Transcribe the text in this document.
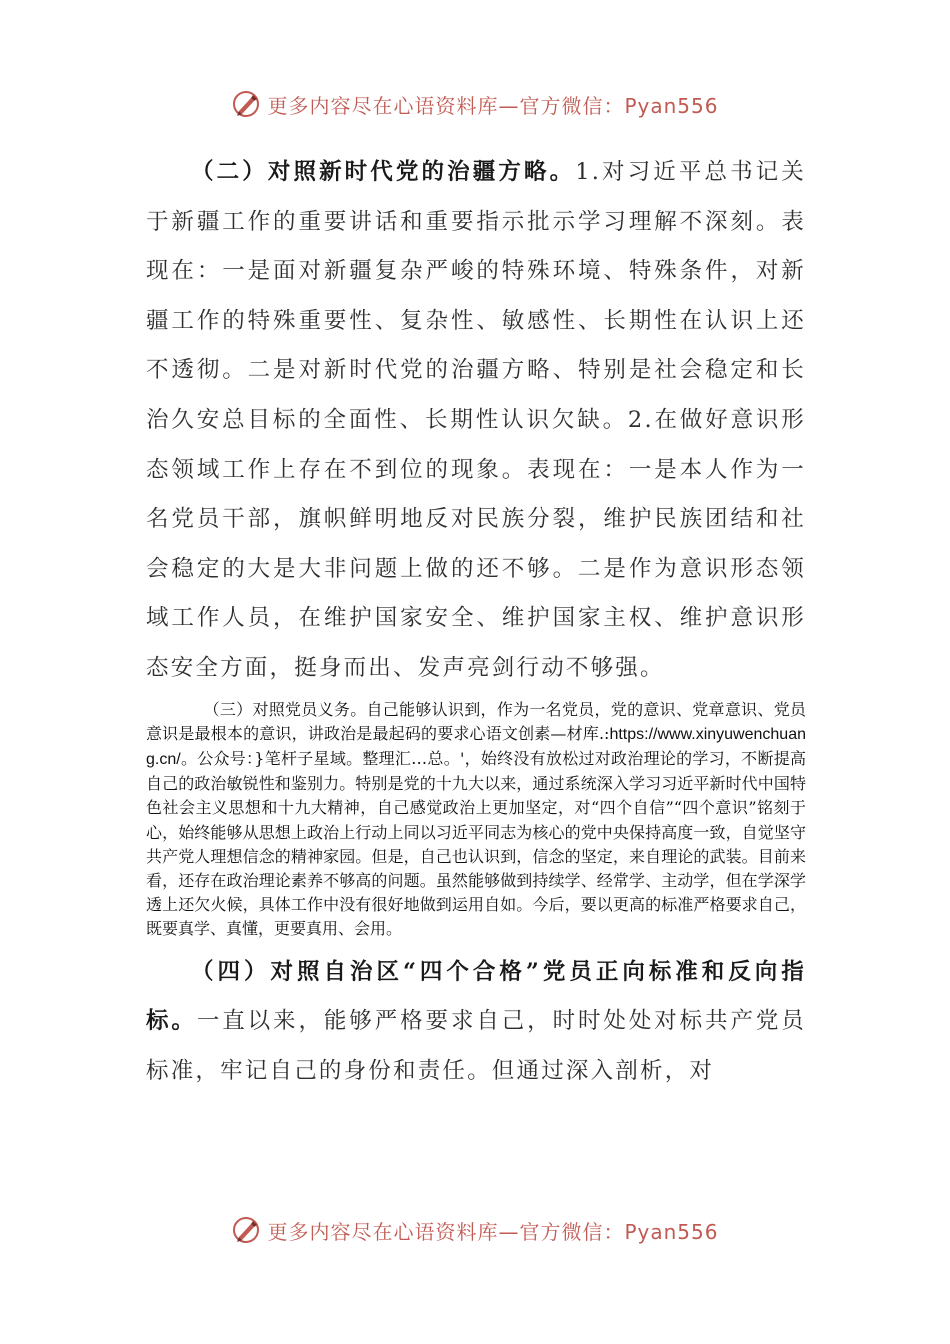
更多内容尽在心语资料库—官方微信：Pyan556

（二）对照新时代党的治疆方略。1.对习近平总书记关于新疆工作的重要讲话和重要指示批示学习理解不深刻。表现在：一是面对新疆复杂严峻的特殊环境、特殊条件，对新疆工作的特殊重要性、复杂性、敏感性、长期性在认识上还不透彻。二是对新时代党的治疆方略、特别是社会稳定和长治久安总目标的全面性、长期性认识欠缺。2.在做好意识形态领域工作上存在不到位的现象。表现在：一是本人作为一名党员干部，旗帜鲜明地反对民族分裂，维护民族团结和社会稳定的大是大非问题上做的还不够。二是作为意识形态领域工作人员，在维护国家安全、维护国家主权、维护意识形态安全方面，挺身而出、发声亮剑行动不够强。

（三）对照党员义务。自己能够认识到，作为一名党员，党的意识、党章意识、党员意识是最根本的意识，讲政治是最起码的要求心语文创素—材库.:https://www.xinyuwenchuang.cn/。公众号：}笔杆子星域。整理汇…总。'，始终没有放松过对政治理论的学习，不断提高自己的政治敏锐性和鉴别力。特别是党的十九大以来，通过系统深入学习习近平新时代中国特色社会主义思想和十九大精神，自己感觉政治上更加坚定，对“四个自信”“四个意识”铭刻于心，始终能够从思想上政治上行动上同以习近平同志为核心的党中央保持高度一致，自觉坚守共产党人理想信念的精神家园。但是，自己也认识到，信念的坚定，来自理论的武装。目前来看，还存在政治理论素养不够高的问题。虽然能够做到持续学、经常学、主动学，但在学深学透上还欠火候，具体工作中没有很好地做到运用自如。今后，要以更高的标准严格要求自己，既要真学、真懂，更要真用、会用。

（四）对照自治区“四个合格”党员正向标准和反向指标。一直以来，能够严格要求自己，时时处处对标共产党员标准，牢记自己的身份和责任。但通过深入剖析，对

更多内容尽在心语资料库—官方微信：Pyan556
